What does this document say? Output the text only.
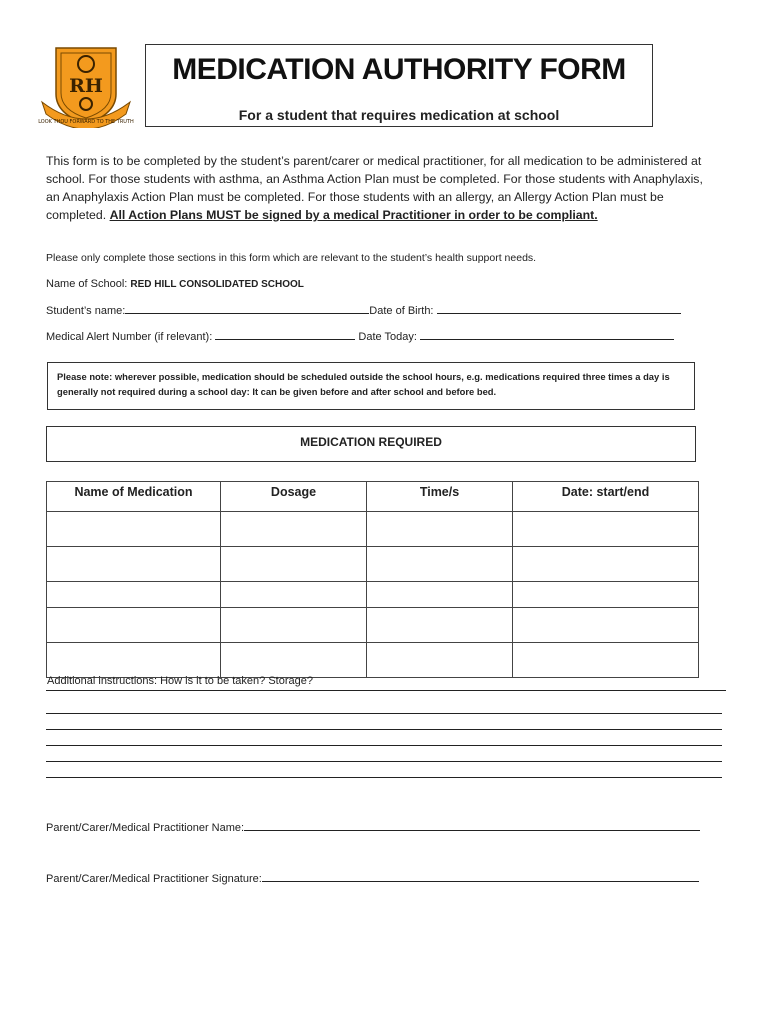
RH
LOOK THOU FORWARD TO THE TRUTH
MEDICATION AUTHORITY FORM
For a student that requires medication at school
This form is to be completed by the student’s parent/carer or medical practitioner, for all medication to be administered at school. For those students with asthma, an Asthma Action Plan must be completed. For those students with Anaphylaxis, an Anaphylaxis Action Plan must be completed. For those students with an allergy, an Allergy Action Plan must be completed. All Action Plans MUST be signed by a medical Practitioner in order to be compliant.
Please only complete those sections in this form which are relevant to the student’s health support needs.
Name of School: RED HILL CONSOLIDATED SCHOOL
Student’s name:	Date of Birth:
Medical Alert Number (if relevant):	Date Today:
Please note: wherever possible, medication should be scheduled outside the school hours, e.g. medications required three times a day is generally not required during a school day: It can be given before and after school and before bed.
MEDICATION REQUIRED
Name of Medication	Dosage	Time/s	Date: start/end

Additional instructions: How is it to be taken? Storage?
Parent/Carer/Medical Practitioner Name:
Parent/Carer/Medical Practitioner Signature:
